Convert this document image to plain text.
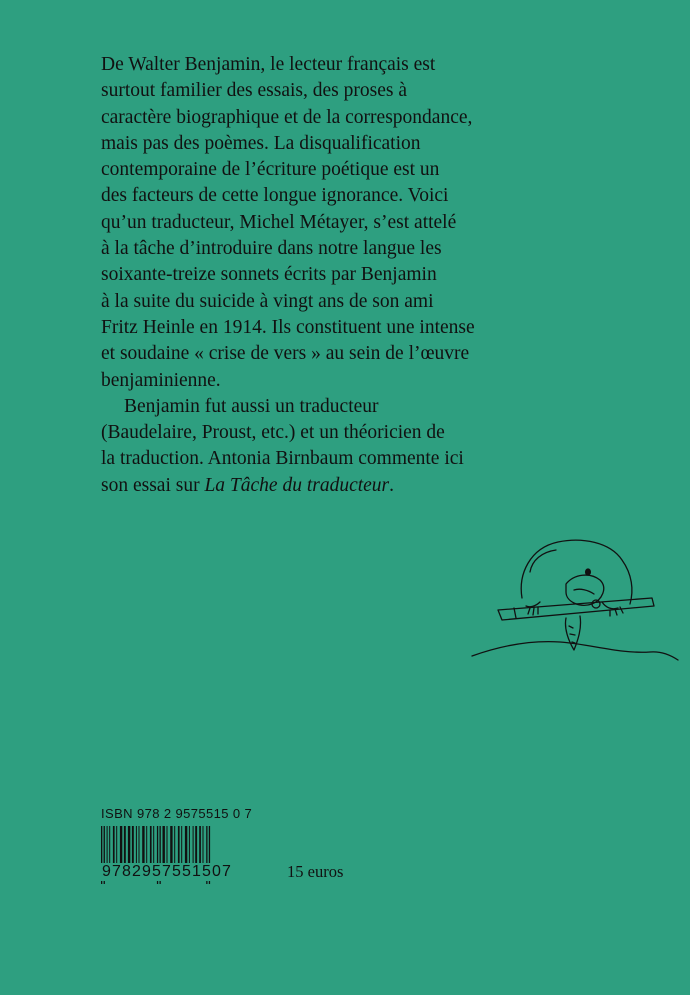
De Walter Benjamin, le lecteur français est
surtout familier des essais, des proses à
caractère biographique et de la correspondance,
mais pas des poèmes. La disqualification
contemporaine de l’écriture poétique est un
des facteurs de cette longue ignorance. Voici
qu’un traducteur, Michel Métayer, s’est attelé
à la tâche d’introduire dans notre langue les
soixante-treize sonnets écrits par Benjamin
à la suite du suicide à vingt ans de son ami
Fritz Heinle en 1914. Ils constituent une intense
et soudaine « crise de vers » au sein de l’œuvre
benjaminienne.
Benjamin fut aussi un traducteur
(Baudelaire, Proust, etc.) et un théoricien de
la traduction. Antonia Birnbaum commente ici
son essai sur La Tâche du traducteur.
ISBN 978 2 9575515 0 7
9782957551507	15 euros
